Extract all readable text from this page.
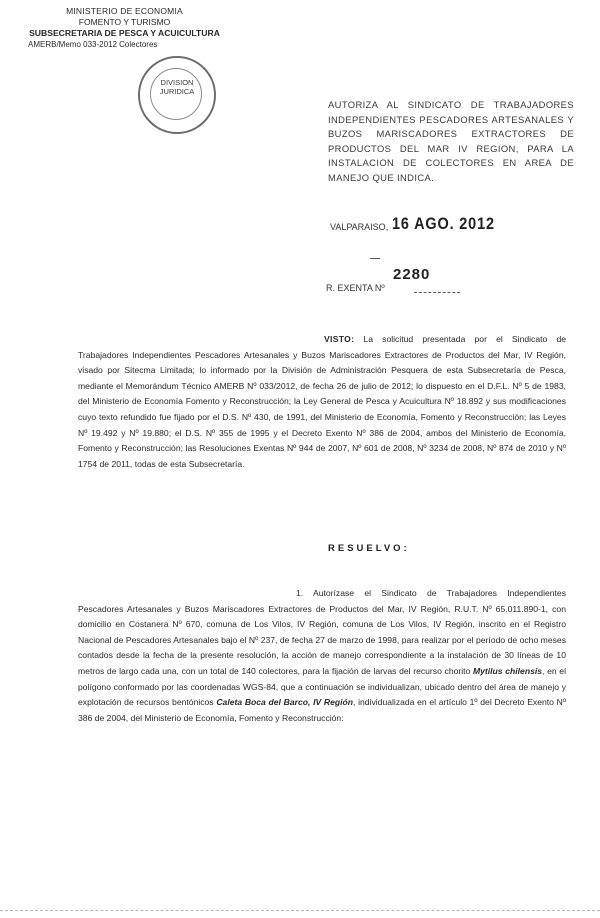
MINISTERIO DE ECONOMIA
FOMENTO Y TURISMO
SUBSECRETARIA DE PESCA Y ACUICULTURA
AMERB/Memo 033-2012 Colectores
DIVISION
JURIDICA
AUTORIZA AL SINDICATO DE TRABAJADORES INDEPENDIENTES PESCADORES ARTESANALES Y BUZOS MARISCADORES EXTRACTORES DE PRODUCTOS DEL MAR IV REGION, PARA LA INSTALACION DE COLECTORES EN AREA DE MANEJO QUE INDICA.
VALPARAISO, 16 AGO. 2012
2280
R. EXENTA Nº
VISTO: La solicitud presentada por el Sindicato de Trabajadores Independientes Pescadores Artesanales y Buzos Mariscadores Extractores de Productos del Mar, IV Región, visado por Sitecma Limitada; lo informado por la División de Administración Pesquera de esta Subsecretaría de Pesca, mediante el Memorándum Técnico AMERB Nº 033/2012, de fecha 26 de julio de 2012; lo dispuesto en el D.F.L. Nº 5 de 1983, del Ministerio de Economía Fomento y Reconstrucción; la Ley General de Pesca y Acuicultura Nº 18.892 y sus modificaciones cuyo texto refundido fue fijado por el D.S. Nº 430, de 1991, del Ministerio de Economía, Fomento y Reconstrucción; las Leyes Nº 19.492 y Nº 19.880; el D.S. Nº 355 de 1995 y el Decreto Exento Nº 386 de 2004, ambos del Ministerio de Economía, Fomento y Reconstrucción; las Resoluciones Exentas Nº 944 de 2007, Nº 601 de 2008, Nº 3234 de 2008, Nº 874 de 2010 y Nº 1754 de 2011, todas de esta Subsecretaría.
RESUELVO:
1. Autorízase el Sindicato de Trabajadores Independientes Pescadores Artesanales y Buzos Mariscadores Extractores de Productos del Mar, IV Región, R.U.T. Nº 65.011.890-1, con domicilio en Costanera Nº 670, comuna de Los Vilos, IV Región, comuna de Los Vilos, IV Región, inscrito en el Registro Nacional de Pescadores Artesanales bajo el Nº 237, de fecha 27 de marzo de 1998, para realizar por el período de ocho meses contados desde la fecha de la presente resolución, la acción de manejo correspondiente a la instalación de 30 líneas de 10 metros de largo cada una, con un total de 140 colectores, para la fijación de larvas del recurso chorito Mytilus chilensis, en el polígono conformado por las coordenadas WGS-84, que a continuación se individualizan, ubicado dentro del área de manejo y explotación de recursos bentónicos Caleta Boca del Barco, IV Región, individualizada en el artículo 1º del Decreto Exento Nº 386 de 2004, del Ministerio de Economía, Fomento y Reconstrucción:
